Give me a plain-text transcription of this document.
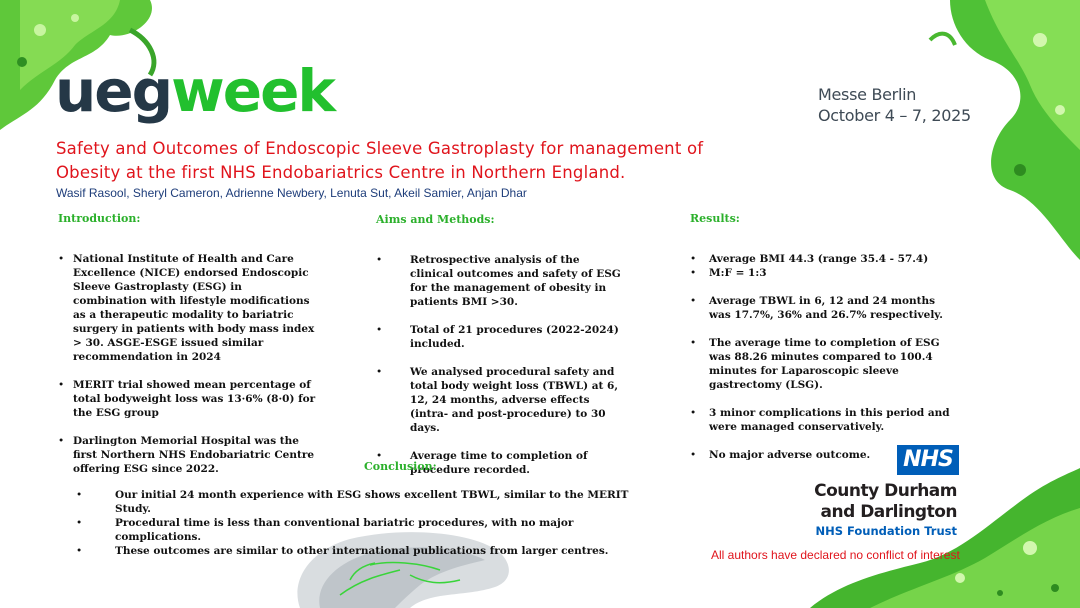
uegweek	Messe Berlin
October 4 – 7, 2025
Safety and Outcomes of Endoscopic Sleeve Gastroplasty for management of
Obesity at the first NHS Endobariatrics Centre in Northern England.
Wasif Rasool, Sheryl Cameron, Adrienne Newbery, Lenuta Sut, Akeil Samier, Anjan Dhar
Introduction:
• National Institute of Health and Care Excellence (NICE) endorsed Endoscopic Sleeve Gastroplasty (ESG) in combination with lifestyle modifications as a therapeutic modality to bariatric surgery in patients with body mass index > 30. ASGE-ESGE issued similar recommendation in 2024
• MERIT trial showed mean percentage of total bodyweight loss was 13·6% (8·0) for the ESG group
• Darlington Memorial Hospital was the first Northern NHS Endobariatric Centre offering ESG since 2022.
Aims and Methods:
• Retrospective analysis of the clinical outcomes and safety of ESG for the management of obesity in patients BMI >30.
• Total of 21 procedures (2022-2024) included.
• We analysed procedural safety and total body weight loss (TBWL) at 6, 12, 24 months, adverse effects (intra- and post-procedure) to 30 days.
• Average time to completion of procedure recorded.
Results:
• Average BMI 44.3 (range 35.4 - 57.4)
• M:F = 1:3
• Average TBWL in 6, 12 and 24 months was 17.7%, 36% and 26.7% respectively.
• The average time to completion of ESG was 88.26 minutes compared to 100.4 minutes for Laparoscopic sleeve gastrectomy (LSG).
• 3 minor complications in this period and were managed conservatively.
• No major adverse outcome.
Conclusion:
• Our initial 24 month experience with ESG shows excellent TBWL, similar to the MERIT Study.
• Procedural time is less than conventional bariatric procedures, with no major complications.
• These outcomes are similar to other international publications from larger centres.
NHS
County Durham
and Darlington
NHS Foundation Trust
All authors have declared no conflict of interest
